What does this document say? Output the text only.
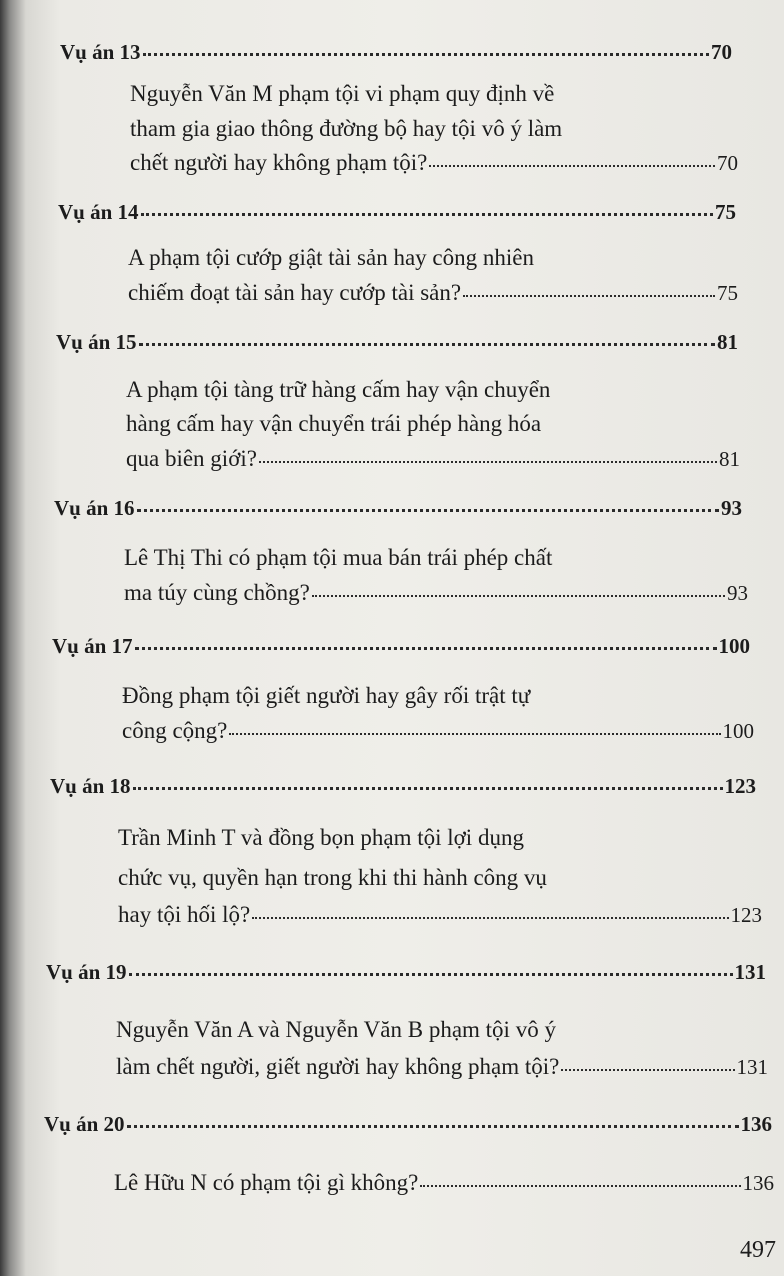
Vụ án 13	70
Nguyễn Văn M phạm tội vi phạm quy định về
tham gia giao thông đường bộ hay tội vô ý làm
chết người hay không phạm tội?	70
Vụ án 14	75
A phạm tội cướp giật tài sản hay công nhiên
chiếm đoạt tài sản hay cướp tài sản?	75
Vụ án 15	81
A phạm tội tàng trữ hàng cấm hay vận chuyển
hàng cấm hay vận chuyển trái phép hàng hóa
qua biên giới?	81
Vụ án 16	93
Lê Thị Thi có phạm tội mua bán trái phép chất
ma túy cùng chồng?	93
Vụ án 17	100
Đồng phạm tội giết người hay gây rối trật tự
công cộng?	100
Vụ án 18	123
Trần Minh T và đồng bọn phạm tội lợi dụng
chức vụ, quyền hạn trong khi thi hành công vụ
hay tội hối lộ?	123
Vụ án 19	131
Nguyễn Văn A và Nguyễn Văn B phạm tội vô ý
làm chết người, giết người hay không phạm tội?	131
Vụ án 20	136
Lê Hữu N có phạm tội gì không?	136
497
